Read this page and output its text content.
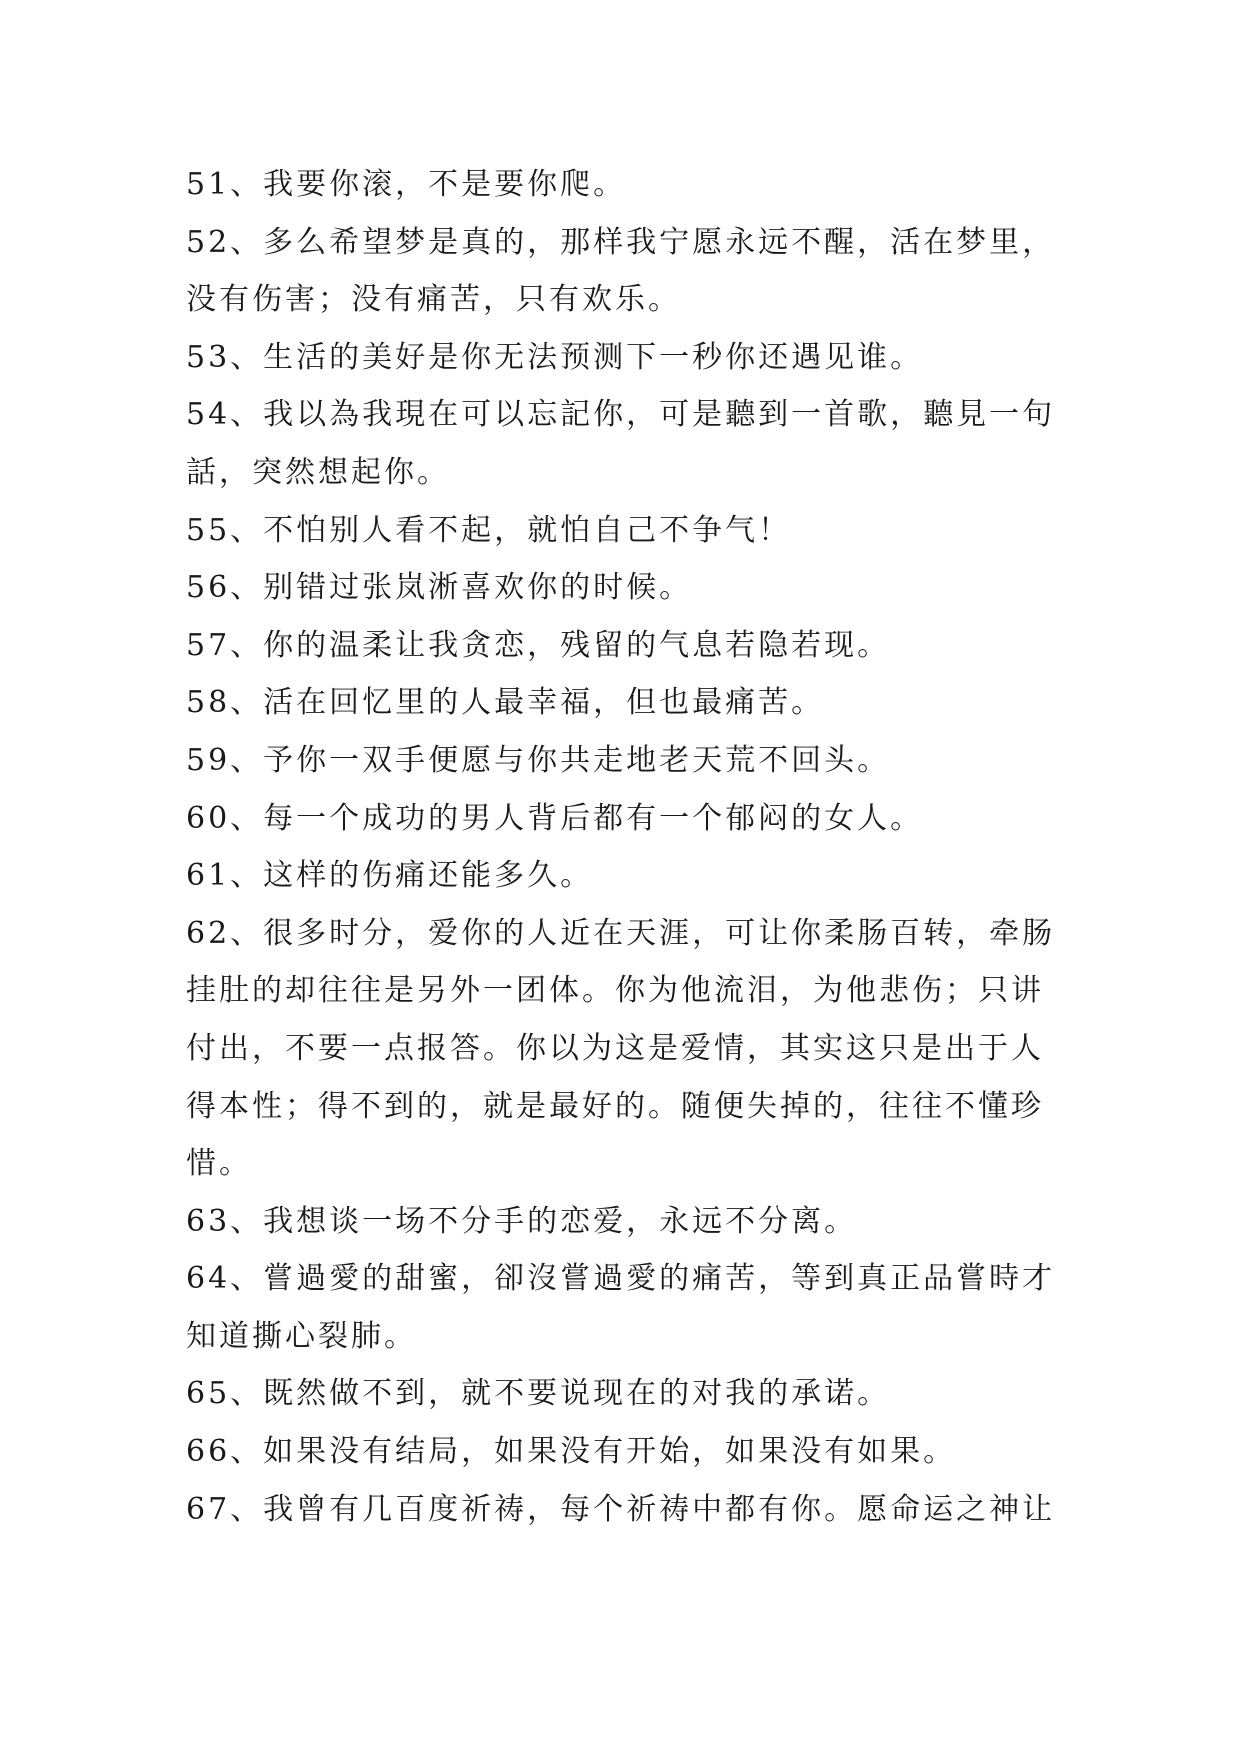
51、我要你滚，不是要你爬。
52、多么希望梦是真的，那样我宁愿永远不醒，活在梦里，
没有伤害；没有痛苦，只有欢乐。
53、生活的美好是你无法预测下一秒你还遇见谁。
54、我以為我現在可以忘記你，可是聽到一首歌，聽見一句
話，突然想起你。
55、不怕别人看不起，就怕自己不争气！
56、别错过张岚淅喜欢你的时候。
57、你的温柔让我贪恋，残留的气息若隐若现。
58、活在回忆里的人最幸福，但也最痛苦。
59、予你一双手便愿与你共走地老天荒不回头。
60、每一个成功的男人背后都有一个郁闷的女人。
61、这样的伤痛还能多久。
62、很多时分，爱你的人近在天涯，可让你柔肠百转，牵肠
挂肚的却往往是另外一团体。你为他流泪，为他悲伤；只讲
付出，不要一点报答。你以为这是爱情，其实这只是出于人
得本性；得不到的，就是最好的。随便失掉的，往往不懂珍
惜。
63、我想谈一场不分手的恋爱，永远不分离。
64、嘗過愛的甜蜜，卻沒嘗過愛的痛苦，等到真正品嘗時才
知道撕心裂肺。
65、既然做不到，就不要说现在的对我的承诺。
66、如果没有结局，如果没有开始，如果没有如果。
67、我曾有几百度祈祷，每个祈祷中都有你。愿命运之神让
